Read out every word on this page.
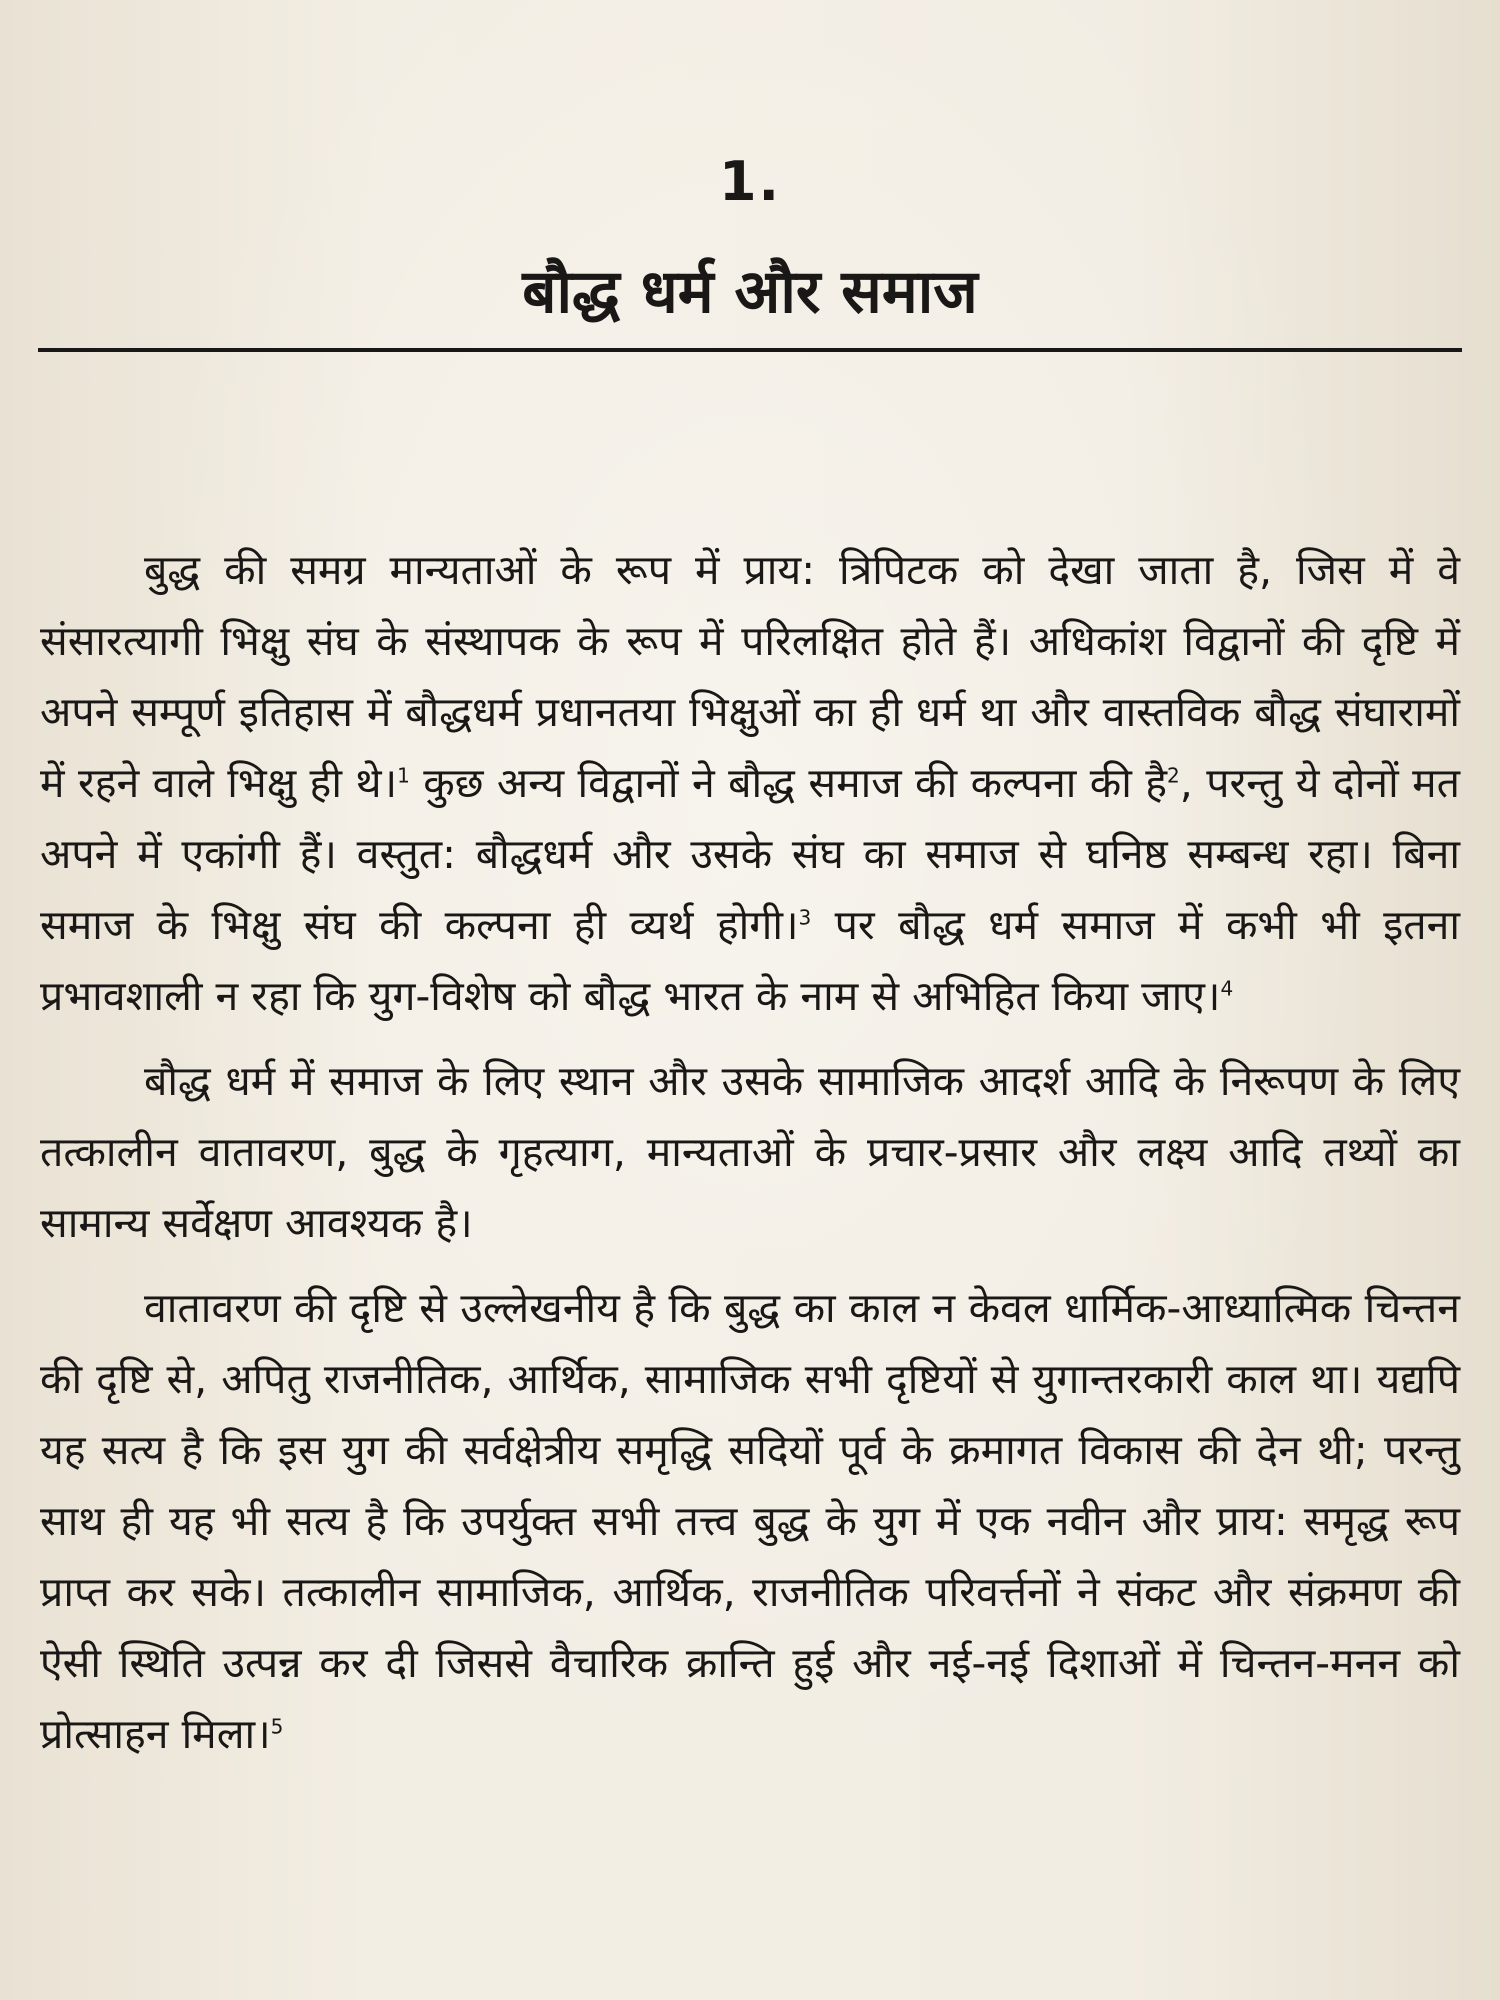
1.
बौद्ध धर्म और समाज

बुद्ध की समग्र मान्यताओं के रूप में प्राय: त्रिपिटक को देखा जाता है, जिस में वे संसारत्यागी भिक्षु संघ के संस्थापक के रूप में परिलक्षित होते हैं। अधिकांश विद्वानों की दृष्टि में अपने सम्पूर्ण इतिहास में बौद्धधर्म प्रधानतया भिक्षुओं का ही धर्म था और वास्तविक बौद्ध संघारामों में रहने वाले भिक्षु ही थे।$^1$ कुछ अन्य विद्वानों ने बौद्ध समाज की कल्पना की है$^2$, परन्तु ये दोनों मत अपने में एकांगी हैं। वस्तुत: बौद्धधर्म और उसके संघ का समाज से घनिष्ठ सम्बन्ध रहा। बिना समाज के भिक्षु संघ की कल्पना ही व्यर्थ होगी।$^3$ पर बौद्ध धर्म समाज में कभी भी इतना प्रभावशाली न रहा कि युग-विशेष को बौद्ध भारत के नाम से अभिहित किया जाए।$^4$

बौद्ध धर्म में समाज के लिए स्थान और उसके सामाजिक आदर्श आदि के निरूपण के लिए तत्कालीन वातावरण, बुद्ध के गृहत्याग, मान्यताओं के प्रचार-प्रसार और लक्ष्य आदि तथ्यों का सामान्य सर्वेक्षण आवश्यक है।

वातावरण की दृष्टि से उल्लेखनीय है कि बुद्ध का काल न केवल धार्मिक-आध्यात्मिक चिन्तन की दृष्टि से, अपितु राजनीतिक, आर्थिक, सामाजिक सभी दृष्टियों से युगान्तरकारी काल था। यद्यपि यह सत्य है कि इस युग की सर्वक्षेत्रीय समृद्धि सदियों पूर्व के क्रमागत विकास की देन थी; परन्तु साथ ही यह भी सत्य है कि उपर्युक्त सभी तत्त्व बुद्ध के युग में एक नवीन और प्राय: समृद्ध रूप प्राप्त कर सके। तत्कालीन सामाजिक, आर्थिक, राजनीतिक परिवर्त्तनों ने संकट और संक्रमण की ऐसी स्थिति उत्पन्न कर दी जिससे वैचारिक क्रान्ति हुई और नई-नई दिशाओं में चिन्तन-मनन को प्रोत्साहन मिला।$^5$
